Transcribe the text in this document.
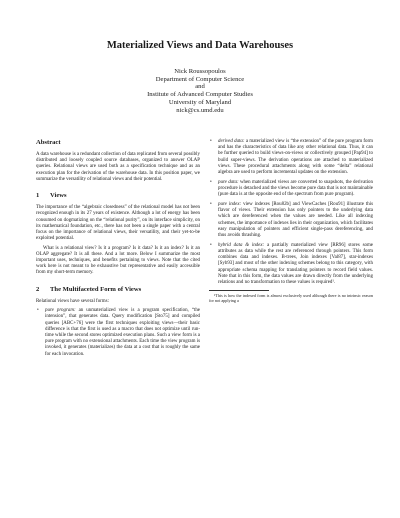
Materialized Views and Data Warehouses
Nick Roussopoulos
Department of Computer Science
and
Institute of Advanced Computer Studies
University of Maryland
nick@cs.umd.edu
Abstract

A data warehouse is a redundant collection of data replicated from several possibly distributed and loosely coupled source databases, organized to answer OLAP queries. Relational views are used both as a specification technique and as an execution plan for the derivation of the warehouse data. In this position paper, we summarize the versatility of relational views and their potential.

1 Views

The importance of the “algebraic closedness” of the relational model has not been recognized enough in its 27 years of existence. Although a lot of energy has been consumed on dogmatizing on the “relational purity”, on its interface simplicity, on its mathematical foundation, etc., there has not been a single paper with a central focus on the importance of relational views, their versatility, and their yet-to-be exploited potential.

What is a relational view? Is it a program? Is it data? Is it an index? Is it an OLAP aggregate? It is all these. And a lot more. Below I summarize the most important uses, techniques, and benefits pertaining to views. Note that the cited work here is not meant to be exhaustive but representative and easily accessible from my short-term memory.

2 The Multifaceted Form of Views

Relational views have several forms:

• pure program: an unmaterialized view is a program specification, “the intension”, that generates data. Query modification [Sto75] and compiled queries [ABC+76] were the first techniques exploiting views—their basic difference is that the first is used as a macro that does not optimize until run-time while the second stores optimized execution plans. Such a view form is a pure program with no extensional attachments. Each time the view program is invoked, it generates (materializes) the data at a cost that is roughly the same for each invocation.
• derived data: a materialized view is “the extension” of the pure program form and has the characteristics of data like any other relational data. Thus, it can be further queried to build views-on-views or collectively grouped [Pap94] to build super-views. The derivation operations are attached to materialized views. These procedural attachments along with some “delta” relational algebra are used to perform incremental updates on the extension.
• pure data: when materialized views are converted to snapshots, the derivation procedure is detached and the views become pure data that is not maintainable (pure data is at the opposite end of the spectrum from pure program).
• pure index: view indexes [Rou82b] and ViewCaches [Rou91] illustrate this flavor of views. Their extension has only pointers to the underlying data which are dereferenced when the values are needed. Like all indexing schemes, the importance of indexes lies in their organization, which facilitates easy manipulation of pointers and efficient single-pass dereferencing, and thus avoids thrashing.
• hybrid data & index: a partially materialized view [RR96] stores some attributes as data while the rest are referenced through pointers. This form combines data and indexes. B-trees, Join indexes [Val87], star-indexes [Syb93] and most of the other indexing schemes belong to this category, with appropriate schema mapping for translating pointers to record field values. Note that in this form, the data values are drawn directly from the underlying relations and no transformation to these values is required¹.

¹This is how the indexed form is almost exclusively used although there is no intrinsic reason for not applying a
